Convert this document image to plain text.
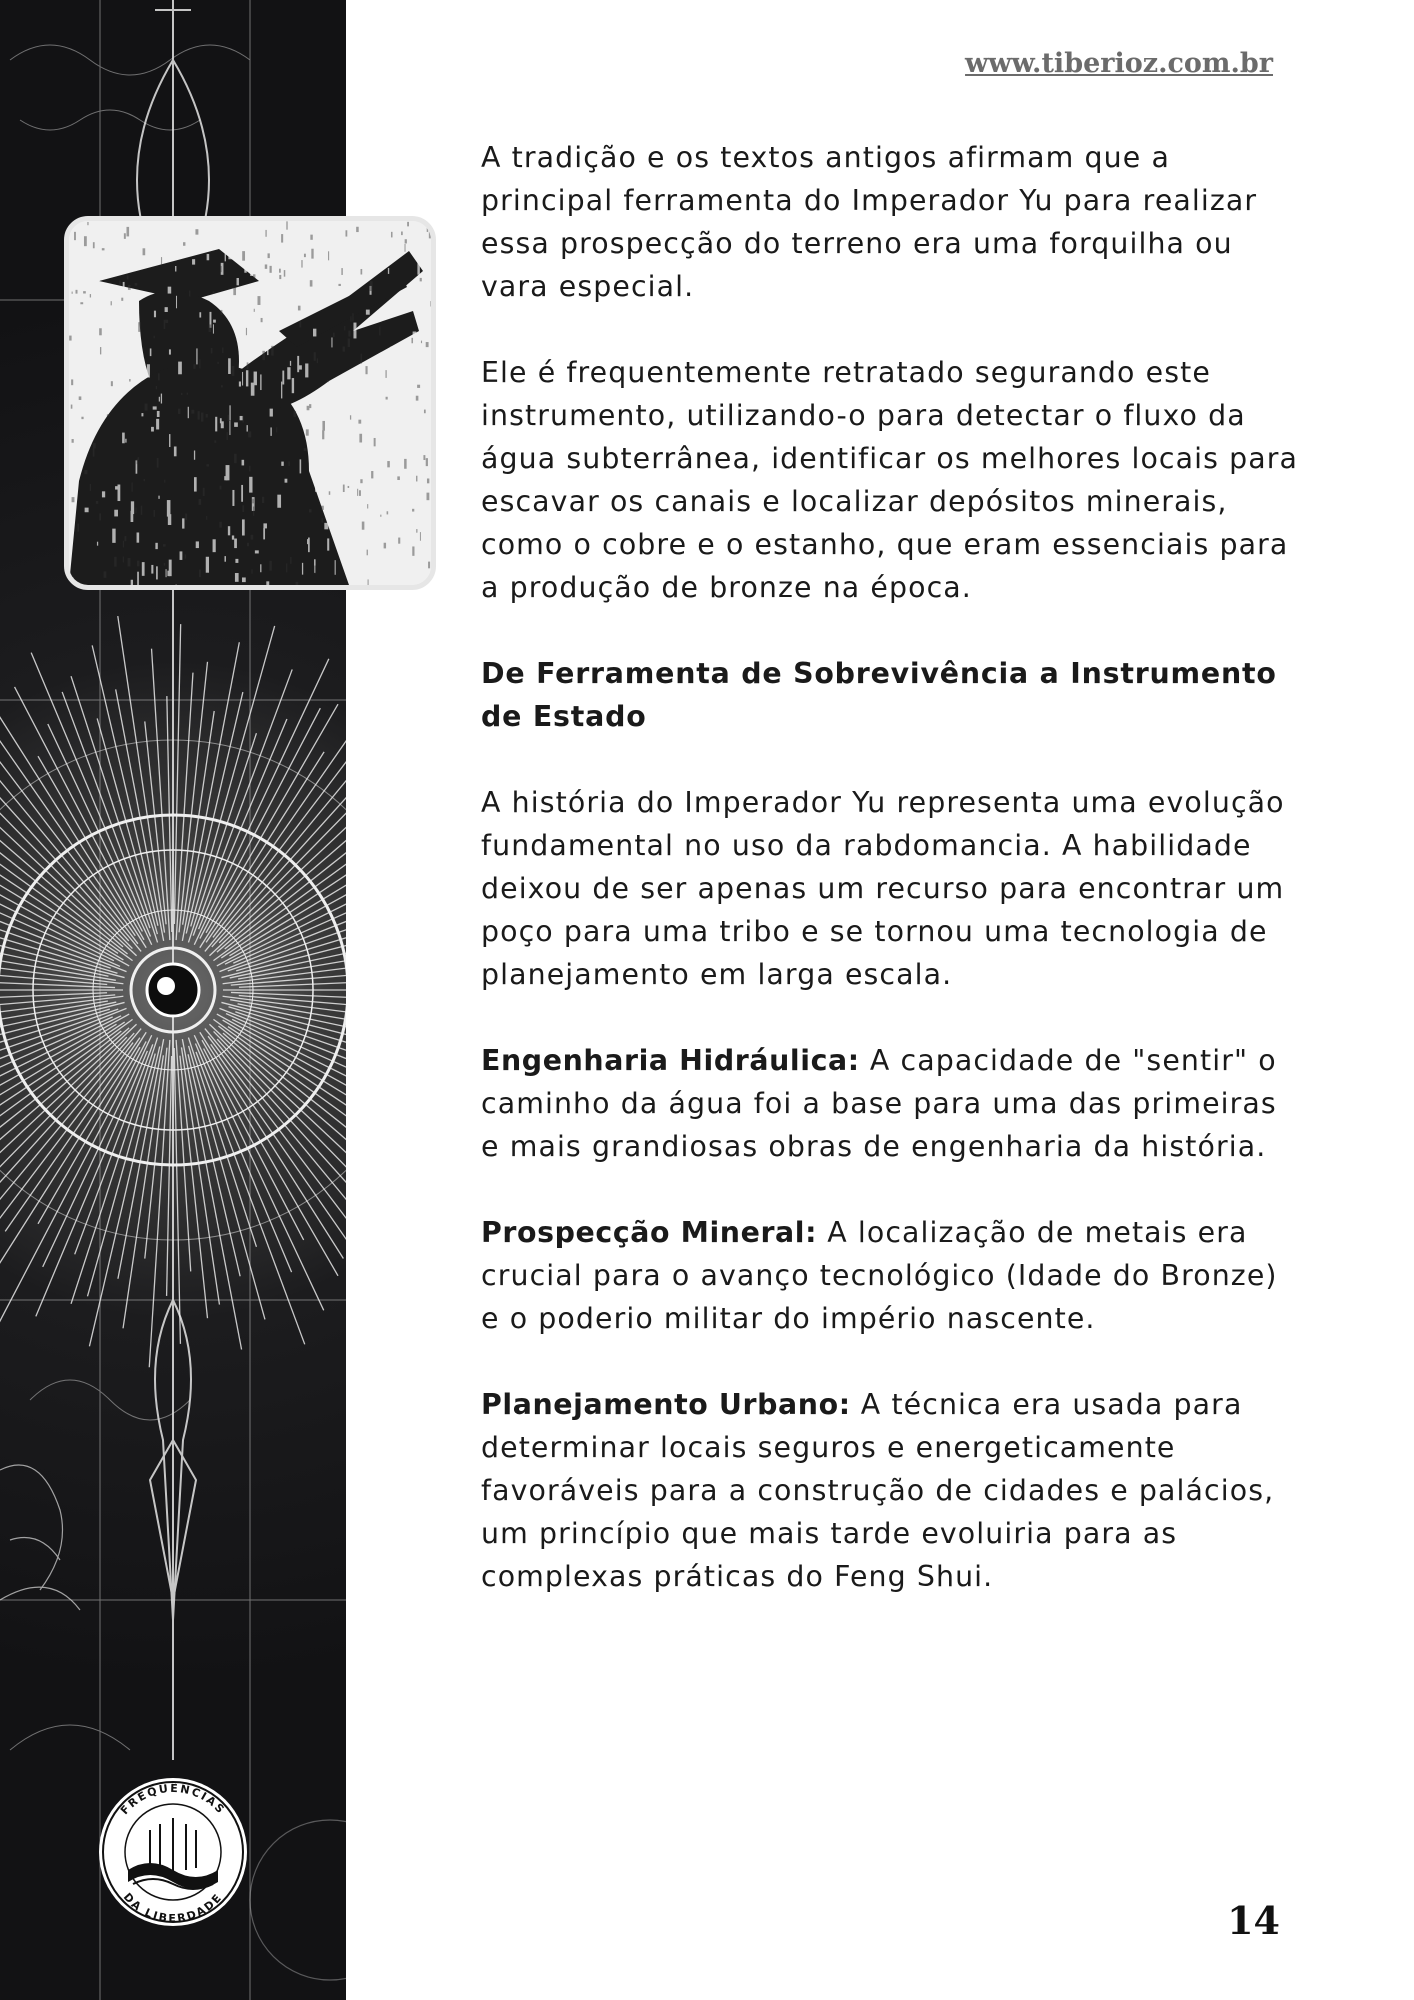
FREQUÊNCIAS
DA LIBERDADE
www.tiberioz.com.br

A tradição e os textos antigos afirmam que a principal ferramenta do Imperador Yu para realizar essa prospecção do terreno era uma forquilha ou vara especial.

Ele é frequentemente retratado segurando este instrumento, utilizando-o para detectar o fluxo da água subterrânea, identificar os melhores locais para escavar os canais e localizar depósitos minerais, como o cobre e o estanho, que eram essenciais para a produção de bronze na época.

De Ferramenta de Sobrevivência a Instrumento de Estado

A história do Imperador Yu representa uma evolução fundamental no uso da rabdomancia. A habilidade deixou de ser apenas um recurso para encontrar um poço para uma tribo e se tornou uma tecnologia de planejamento em larga escala.

Engenharia Hidráulica: A capacidade de "sentir" o caminho da água foi a base para uma das primeiras e mais grandiosas obras de engenharia da história.

Prospecção Mineral: A localização de metais era crucial para o avanço tecnológico (Idade do Bronze) e o poderio militar do império nascente.

Planejamento Urbano: A técnica era usada para determinar locais seguros e energeticamente favoráveis para a construção de cidades e palácios, um princípio que mais tarde evoluiria para as complexas práticas do Feng Shui.

14
